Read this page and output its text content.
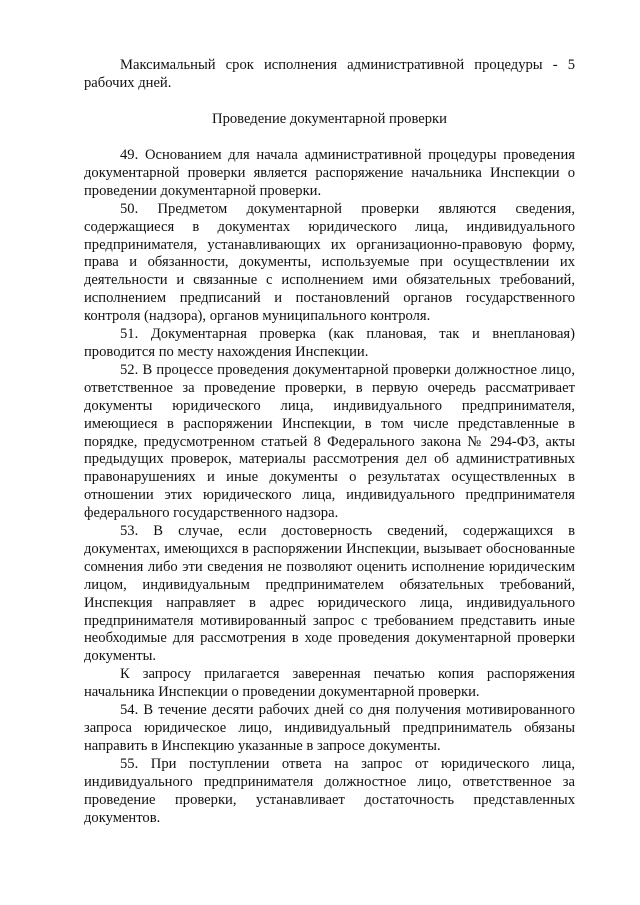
Максимальный срок исполнения административной процедуры - 5 рабочих дней.

Проведение документарной проверки

49. Основанием для начала административной процедуры проведения документарной проверки является распоряжение начальника Инспекции о проведении документарной проверки.

50. Предметом документарной проверки являются сведения, содержащиеся в документах юридического лица, индивидуального предпринимателя, устанавливающих их организационно-правовую форму, права и обязанности, документы, используемые при осуществлении их деятельности и связанные с исполнением ими обязательных требований, исполнением предписаний и постановлений органов государственного контроля (надзора), органов муниципального контроля.

51. Документарная проверка (как плановая, так и внеплановая) проводится по месту нахождения Инспекции.

52. В процессе проведения документарной проверки должностное лицо, ответственное за проведение проверки, в первую очередь рассматривает документы юридического лица, индивидуального предпринимателя, имеющиеся в распоряжении Инспекции, в том числе представленные в порядке, предусмотренном статьей 8 Федерального закона № 294-ФЗ, акты предыдущих проверок, материалы рассмотрения дел об административных правонарушениях и иные документы о результатах осуществленных в отношении этих юридического лица, индивидуального предпринимателя федерального государственного надзора.

53. В случае, если достоверность сведений, содержащихся в документах, имеющихся в распоряжении Инспекции, вызывает обоснованные сомнения либо эти сведения не позволяют оценить исполнение юридическим лицом, индивидуальным предпринимателем обязательных требований, Инспекция направляет в адрес юридического лица, индивидуального предпринимателя мотивированный запрос с требованием представить иные необходимые для рассмотрения в ходе проведения документарной проверки документы.

К запросу прилагается заверенная печатью копия распоряжения начальника Инспекции о проведении документарной проверки.

54. В течение десяти рабочих дней со дня получения мотивированного запроса юридическое лицо, индивидуальный предприниматель обязаны направить в Инспекцию указанные в запросе документы.

55. При поступлении ответа на запрос от юридического лица, индивидуального предпринимателя должностное лицо, ответственное за проведение проверки, устанавливает достаточность представленных документов.
